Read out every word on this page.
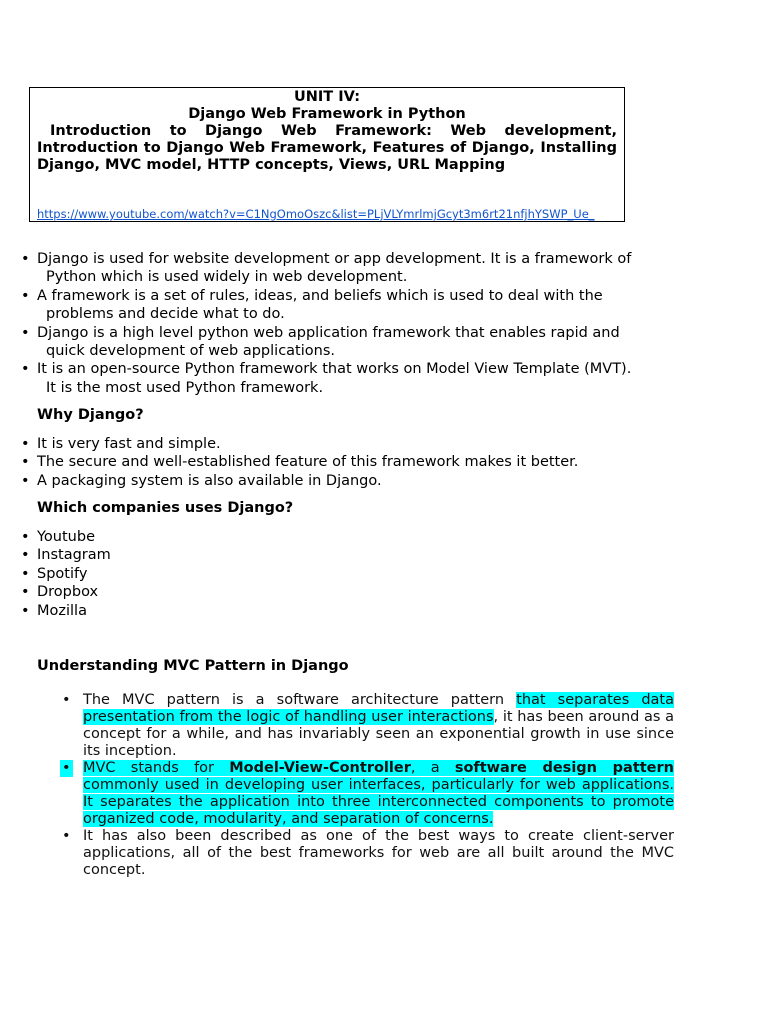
UNIT IV:
Django Web Framework in Python
Introduction to Django Web Framework: Web development, Introduction to Django Web Framework, Features of Django, Installing Django, MVC model, HTTP concepts, Views, URL Mapping
https://www.youtube.com/watch?v=C1NgOmoOszc&list=PLjVLYmrlmjGcyt3m6rt21nfjhYSWP_Ue_
• Django is used for website development or app development. It is a framework of
Python which is used widely in web development.
• A framework is a set of rules, ideas, and beliefs which is used to deal with the
problems and decide what to do.
• Django is a high level python web application framework that enables rapid and
quick development of web applications.
• It is an open-source Python framework that works on Model View Template (MVT).
It is the most used Python framework.
Why Django?
• It is very fast and simple.
• The secure and well-established feature of this framework makes it better.
• A packaging system is also available in Django.
Which companies uses Django?
• Youtube
• Instagram
• Spotify
• Dropbox
• Mozilla
Understanding MVC Pattern in Django
• The MVC pattern is a software architecture pattern that separates data presentation from the logic of handling user interactions, it has been around as a concept for a while, and has invariably seen an exponential growth in use since its inception.
• MVC stands for Model-View-Controller, a software design pattern commonly used in developing user interfaces, particularly for web applications. It separates the application into three interconnected components to promote organized code, modularity, and separation of concerns.
• It has also been described as one of the best ways to create client-server applications, all of the best frameworks for web are all built around the MVC concept.
